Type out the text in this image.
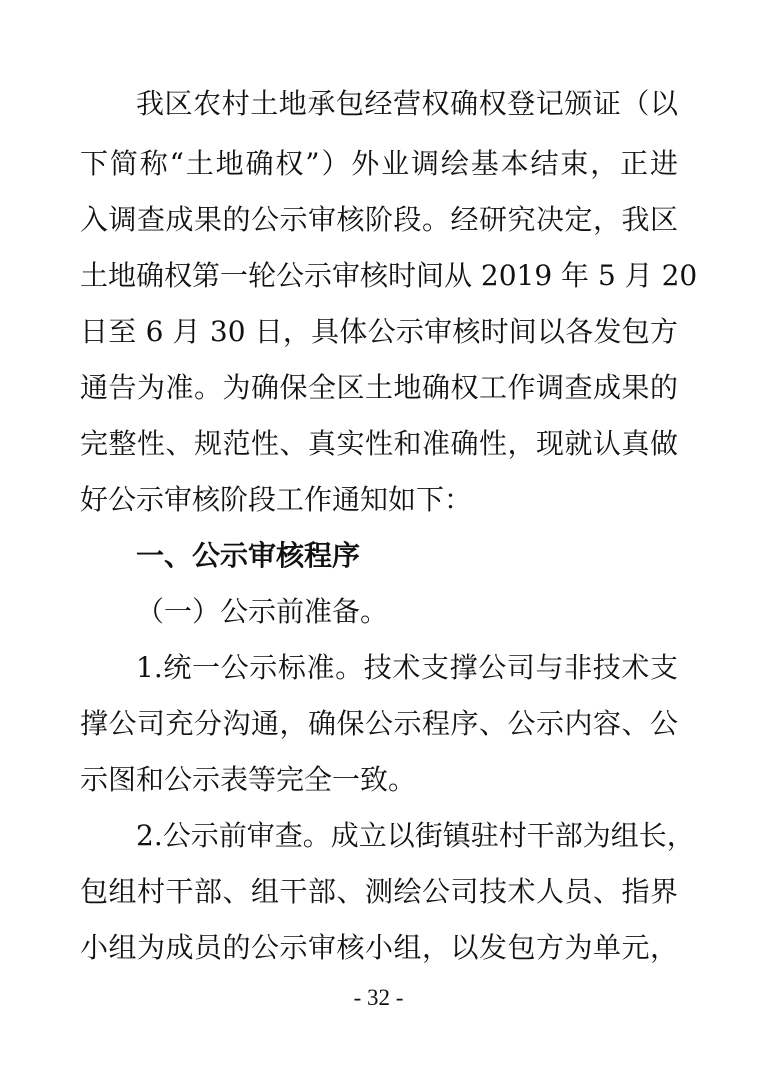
我区农村土地承包经营权确权登记颁证（以
下简称“土地确权”）外业调绘基本结束，正进
入调查成果的公示审核阶段。经研究决定，我区
土地确权第一轮公示审核时间从 2019 年 5 月 20
日至 6 月 30 日，具体公示审核时间以各发包方
通告为准。为确保全区土地确权工作调查成果的
完整性、规范性、真实性和准确性，现就认真做
好公示审核阶段工作通知如下：
一、公示审核程序
（一）公示前准备。
1.统一公示标准。技术支撑公司与非技术支
撑公司充分沟通，确保公示程序、公示内容、公
示图和公示表等完全一致。
2.公示前审查。成立以街镇驻村干部为组长，
包组村干部、组干部、测绘公司技术人员、指界
小组为成员的公示审核小组，以发包方为单元，
- 32 -
